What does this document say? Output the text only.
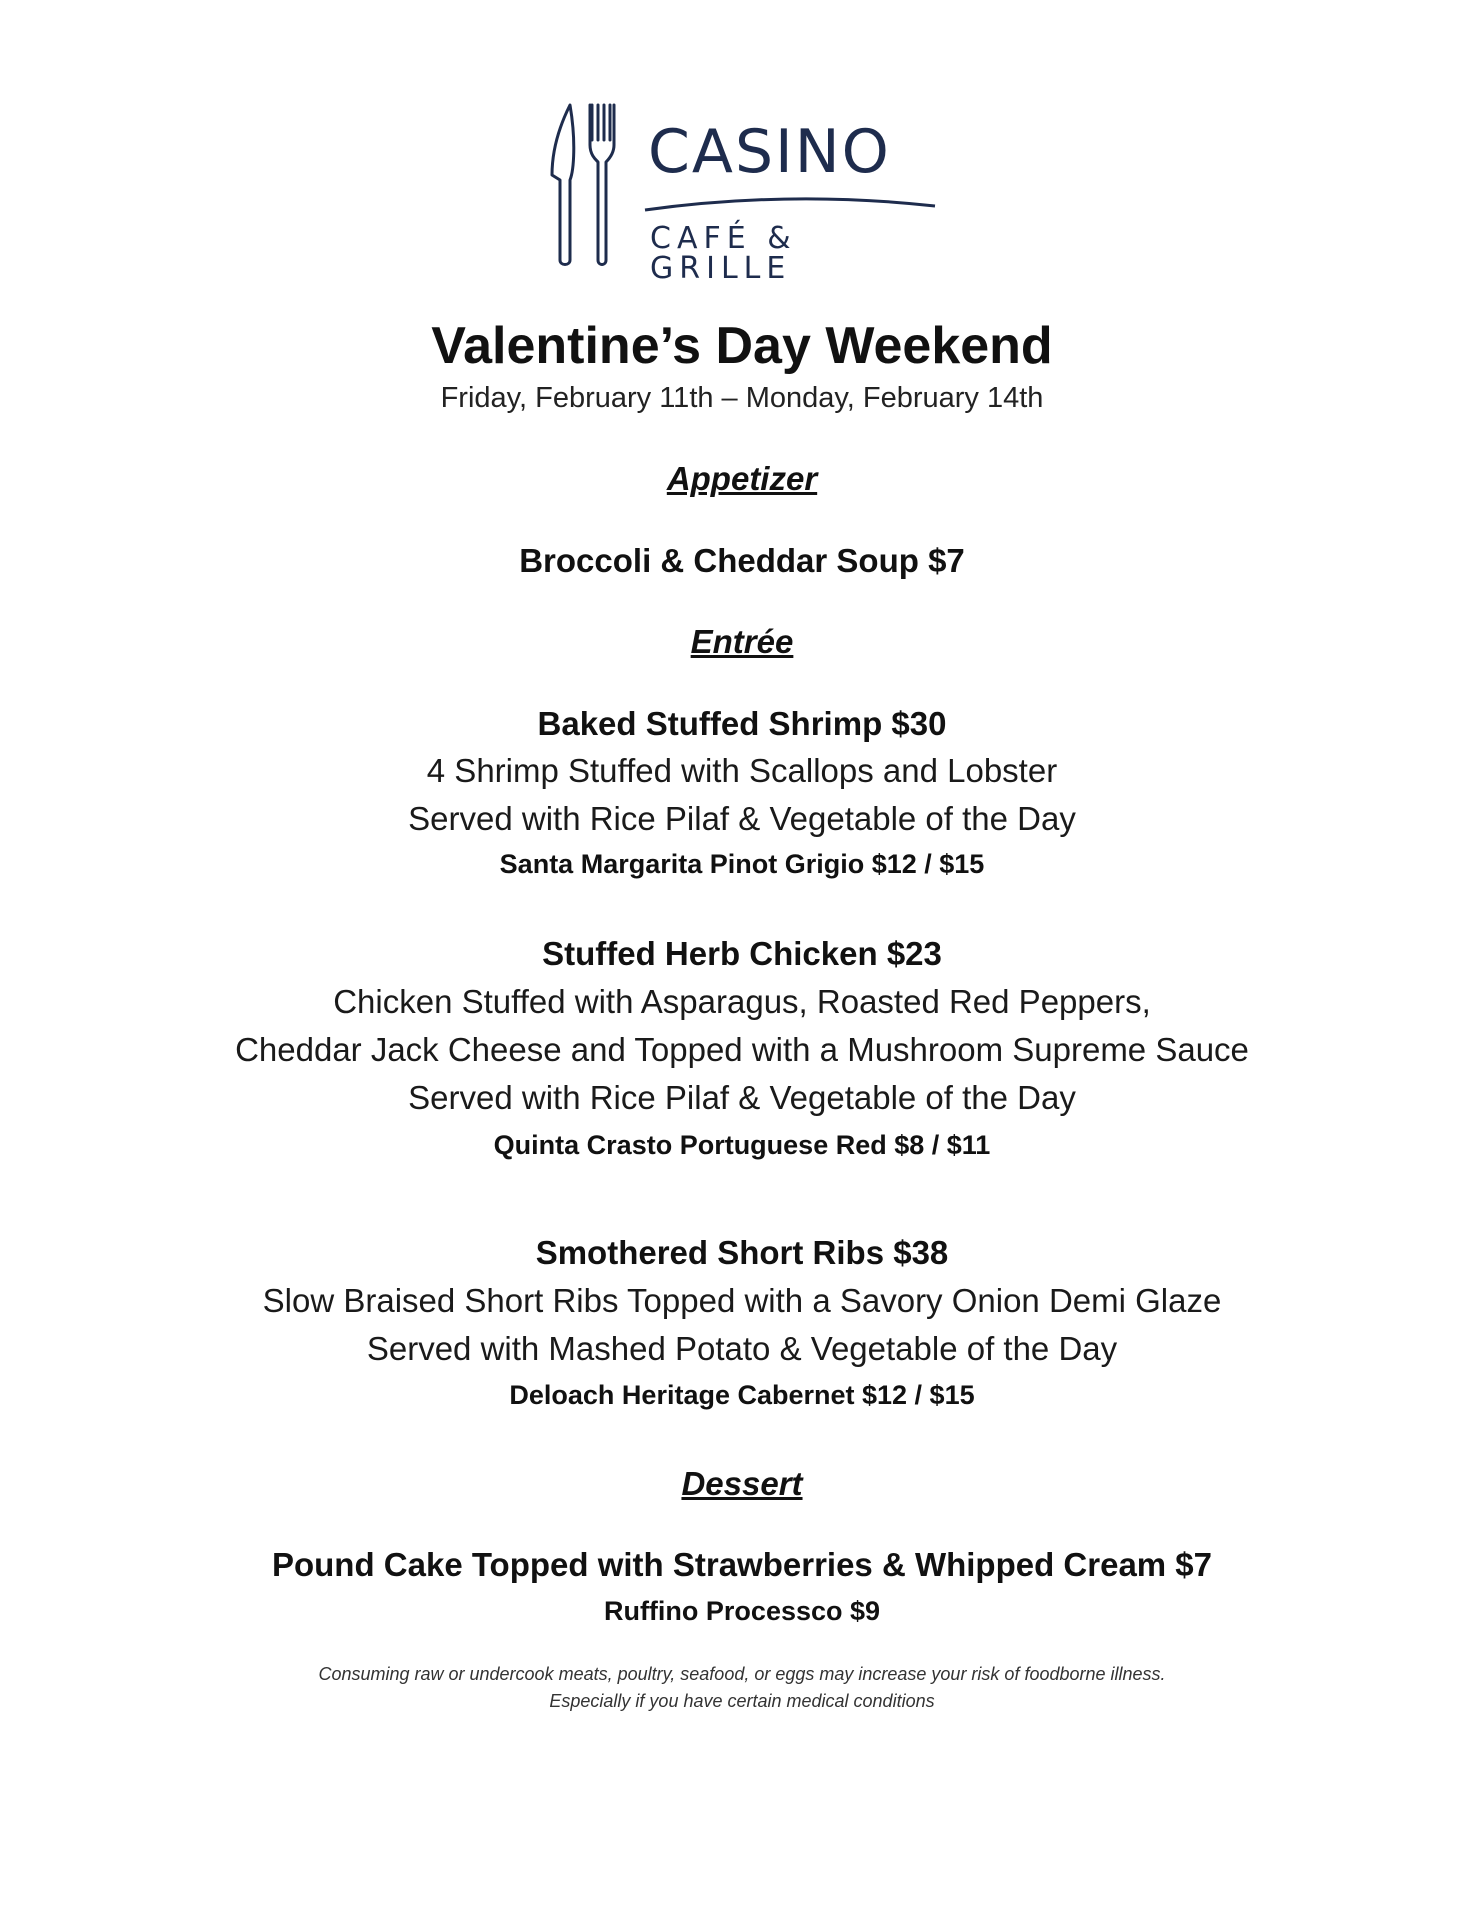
CASINO
CAFÉ & GRILLE
Valentine’s Day Weekend
Friday, February 11th – Monday, February 14th
Appetizer
Broccoli & Cheddar Soup $7
Entrée
Baked Stuffed Shrimp $30
4 Shrimp Stuffed with Scallops and Lobster
Served with Rice Pilaf & Vegetable of the Day
Santa Margarita Pinot Grigio $12 / $15
Stuffed Herb Chicken $23
Chicken Stuffed with Asparagus, Roasted Red Peppers,
Cheddar Jack Cheese and Topped with a Mushroom Supreme Sauce
Served with Rice Pilaf & Vegetable of the Day
Quinta Crasto Portuguese Red $8 / $11
Smothered Short Ribs $38
Slow Braised Short Ribs Topped with a Savory Onion Demi Glaze
Served with Mashed Potato & Vegetable of the Day
Deloach Heritage Cabernet $12 / $15
Dessert
Pound Cake Topped with Strawberries & Whipped Cream $7
Ruffino Processco $9
Consuming raw or undercook meats, poultry, seafood, or eggs may increase your risk of foodborne illness.
Especially if you have certain medical conditions
